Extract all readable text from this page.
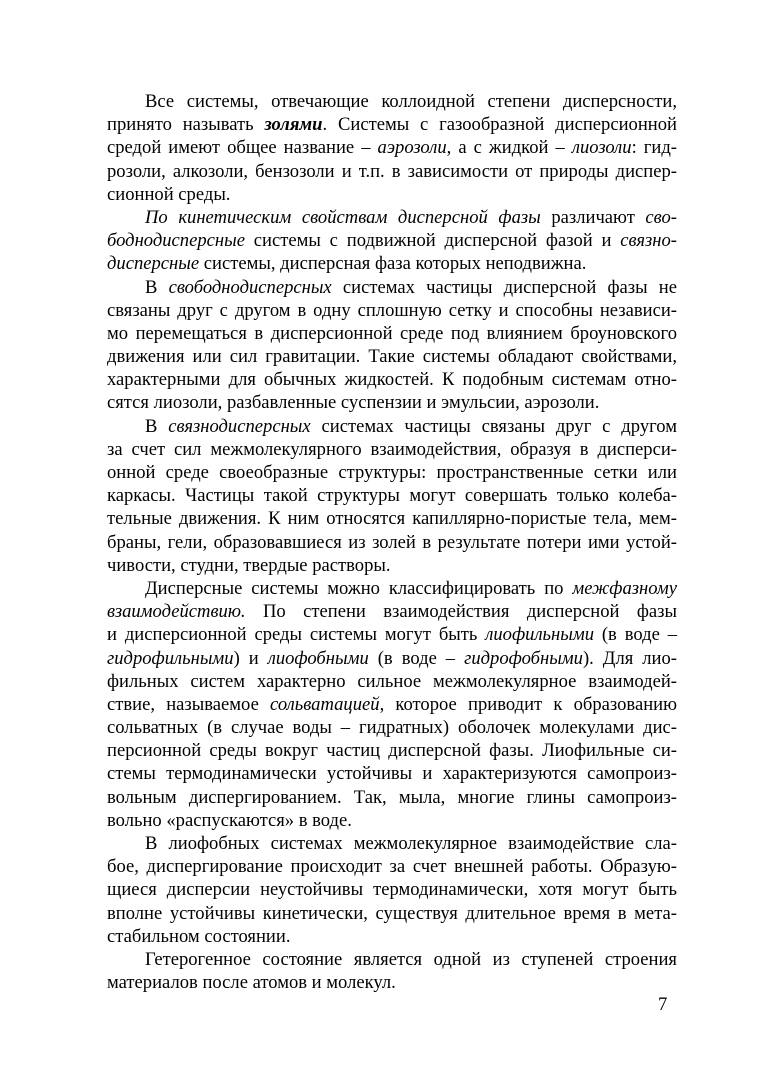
Все системы, отвечающие коллоидной степени дисперсности,
принято называть золями. Системы с газообразной дисперсионной
средой имеют общее название – аэрозоли, а с жидкой – лиозоли: гид-
розоли, алкозоли, бензозоли и т.п. в зависимости от природы диспер-
сионной среды.
По кинетическим свойствам дисперсной фазы различают сво-
боднодисперсные системы с подвижной дисперсной фазой и связно-
дисперсные системы, дисперсная фаза которых неподвижна.
В свободнодисперсных системах частицы дисперсной фазы не
связаны друг с другом в одну сплошную сетку и способны независи-
мо перемещаться в дисперсионной среде под влиянием броуновского
движения или сил гравитации. Такие системы обладают свойствами,
характерными для обычных жидкостей. К подобным системам отно-
сятся лиозоли, разбавленные суспензии и эмульсии, аэрозоли.
В связнодисперсных системах частицы связаны друг с другом
за счет сил межмолекулярного взаимодействия, образуя в дисперси-
онной среде своеобразные структуры: пространственные сетки или
каркасы. Частицы такой структуры могут совершать только колеба-
тельные движения. К ним относятся капиллярно-пористые тела, мем-
браны, гели, образовавшиеся из золей в результате потери ими устой-
чивости, студни, твердые растворы.
Дисперсные системы можно классифицировать по межфазному
взаимодействию. По степени взаимодействия дисперсной фазы
и дисперсионной среды системы могут быть лиофильными (в воде –
гидрофильными) и лиофобными (в воде – гидрофобными). Для лио-
фильных систем характерно сильное межмолекулярное взаимодей-
ствие, называемое сольватацией, которое приводит к образованию
сольватных (в случае воды – гидратных) оболочек молекулами дис-
персионной среды вокруг частиц дисперсной фазы. Лиофильные си-
стемы термодинамически устойчивы и характеризуются самопроиз-
вольным диспергированием. Так, мыла, многие глины самопроиз-
вольно «распускаются» в воде.
В лиофобных системах межмолекулярное взаимодействие сла-
бое, диспергирование происходит за счет внешней работы. Образую-
щиеся дисперсии неустойчивы термодинамически, хотя могут быть
вполне устойчивы кинетически, существуя длительное время в мета-
стабильном состоянии.
Гетерогенное состояние является одной из ступеней строения
материалов после атомов и молекул.
7
